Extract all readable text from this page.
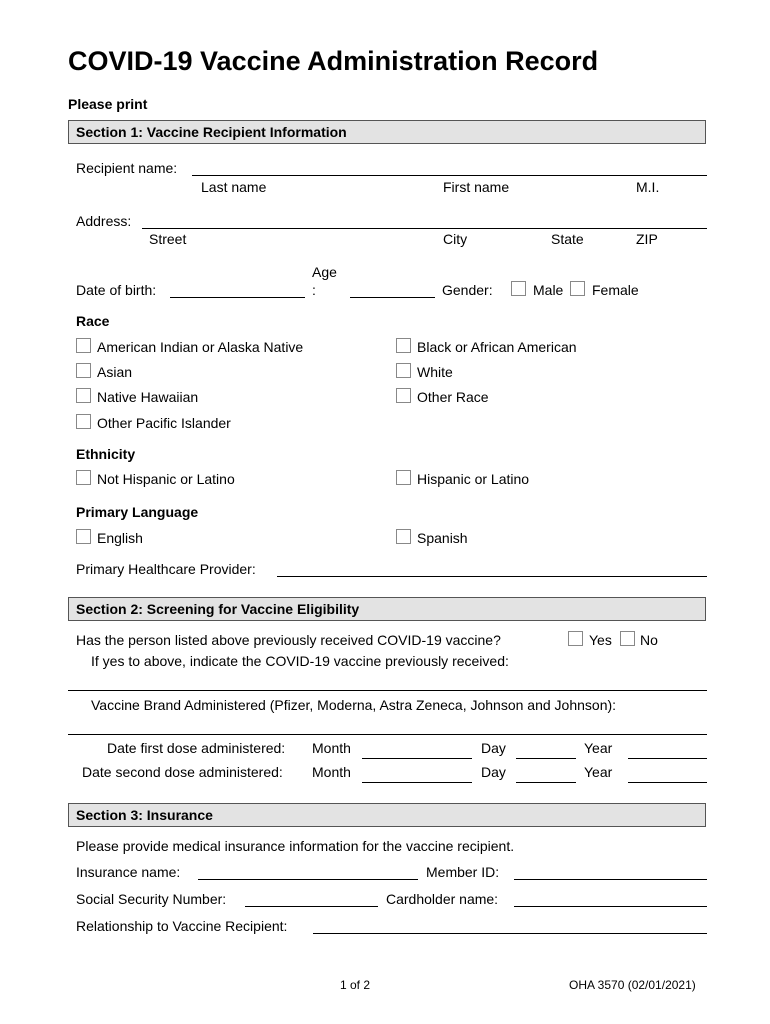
COVID-19 Vaccine Administration Record
Please print
Section 1: Vaccine Recipient Information
Recipient name:
Last name	First name	M.I.
Address:
Street	City	State	ZIP
Date of birth:
Age
:	Gender:	Male Female
Race
American Indian or Alaska Native
Asian
Native Hawaiian
Other Pacific Islander
Black or African American
White
Other Race
Ethnicity
Not Hispanic or Latino	Hispanic or Latino
Primary Language
English	Spanish
Primary Healthcare Provider:
Section 2: Screening for Vaccine Eligibility
Has the person listed above previously received COVID-19 vaccine?	Yes No
If yes to above, indicate the COVID-19 vaccine previously received:
Vaccine Brand Administered (Pfizer, Moderna, Astra Zeneca, Johnson and Johnson):
Date first dose administered: Month	Day	Year
Date second dose administered: Month	Day	Year
Section 3: Insurance
Please provide medical insurance information for the vaccine recipient.
Insurance name:	Member ID:
Social Security Number:	Cardholder name:
Relationship to Vaccine Recipient:
1 of 2	OHA 3570 (02/01/2021)
